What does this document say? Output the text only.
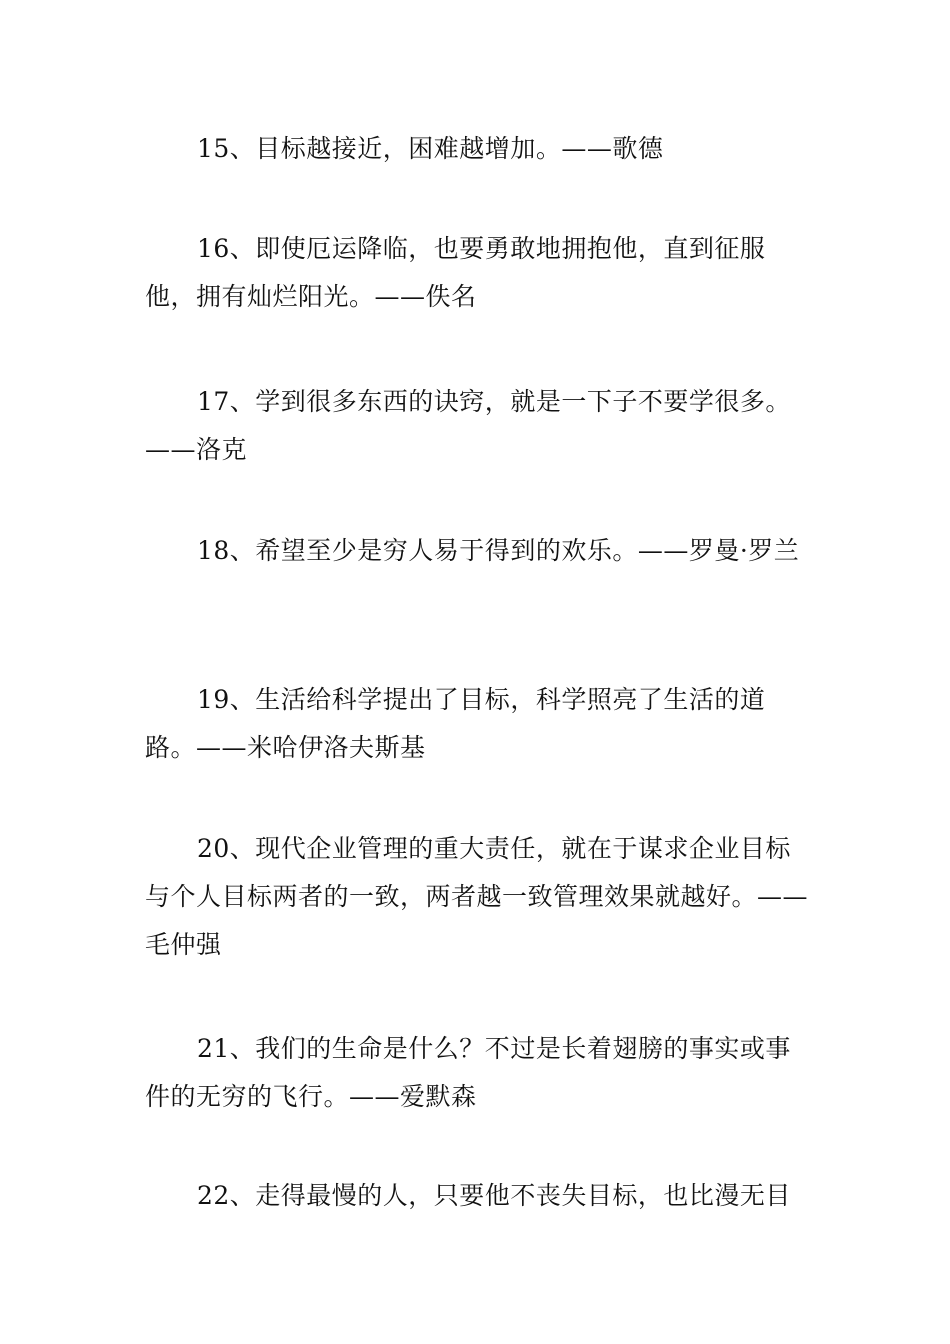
15、目标越接近，困难越增加。——歌德

16、即使厄运降临，也要勇敢地拥抱他，直到征服他，拥有灿烂阳光。——佚名

17、学到很多东西的诀窍，就是一下子不要学很多。——洛克

18、希望至少是穷人易于得到的欢乐。——罗曼·罗兰

19、生活给科学提出了目标，科学照亮了生活的道路。——米哈伊洛夫斯基

20、现代企业管理的重大责任，就在于谋求企业目标与个人目标两者的一致，两者越一致管理效果就越好。——毛仲强

21、我们的生命是什么？不过是长着翅膀的事实或事件的无穷的飞行。——爱默森

22、走得最慢的人，只要他不丧失目标，也比漫无目
